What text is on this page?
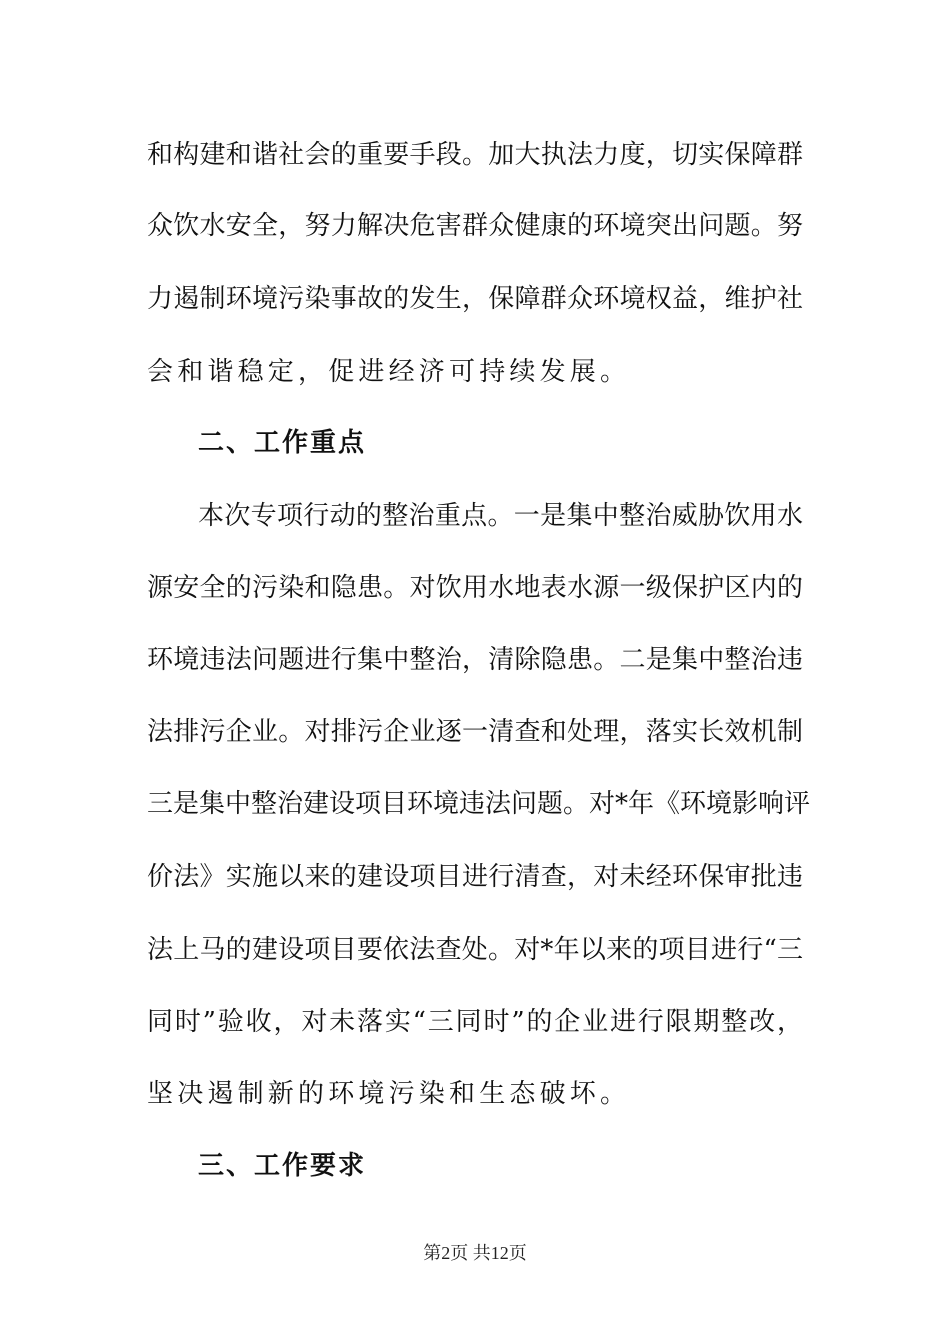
和构建和谐社会的重要手段。加大执法力度，切实保障群
众饮水安全，努力解决危害群众健康的环境突出问题。努
力遏制环境污染事故的发生，保障群众环境权益，维护社
会和谐稳定，促进经济可持续发展。
二、工作重点
本次专项行动的整治重点。一是集中整治威胁饮用水
源安全的污染和隐患。对饮用水地表水源一级保护区内的
环境违法问题进行集中整治，清除隐患。二是集中整治违
法排污企业。对排污企业逐一清查和处理，落实长效机制
三是集中整治建设项目环境违法问题。对*年《环境影响评
价法》实施以来的建设项目进行清查，对未经环保审批违
法上马的建设项目要依法查处。对*年以来的项目进行“三
同时”验收，对未落实“三同时”的企业进行限期整改，
坚决遏制新的环境污染和生态破坏。
三、工作要求
第2页 共12页
